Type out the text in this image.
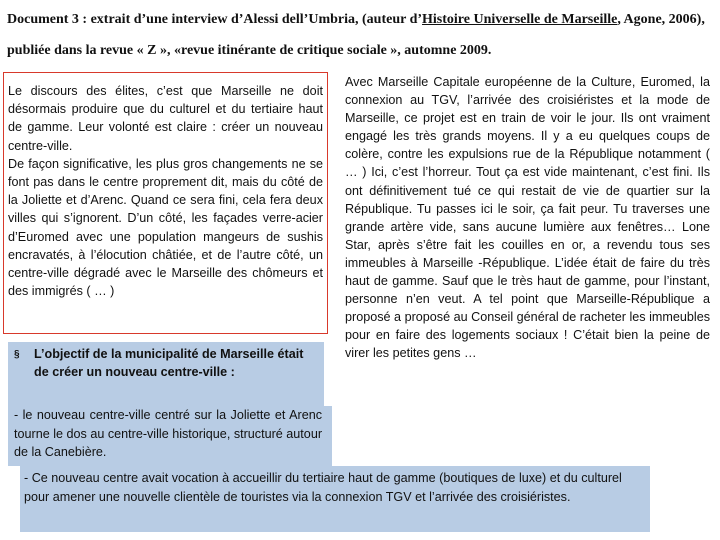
Document 3 : extrait d’une interview d’Alessi dell’Umbria, (auteur d’Histoire Universelle de Marseille, Agone, 2006), publiée dans la revue « Z », «revue itinérante de critique sociale », automne 2009.

Le discours des élites, c’est que Marseille ne doit désormais produire que du culturel et du tertiaire haut de gamme. Leur volonté est claire : créer un nouveau centre-ville.

De façon significative, les plus gros changements ne se font pas dans le centre proprement dit, mais du côté de la Joliette et d’Arenc. Quand ce sera fini, cela fera deux villes qui s’ignorent. D’un côté, les façades verre-acier d’Euromed avec une population mangeurs de sushis encravatés, à l’élocution châtiée, et de l’autre côté, un centre-ville dégradé avec le Marseille des chômeurs et des immigrés ( … )

Avec Marseille Capitale européenne de la Culture, Euromed, la connexion au TGV, l’arrivée des croisiéristes et la mode de Marseille, ce projet est en train de voir le jour. Ils ont vraiment engagé les très grands moyens. Il y a eu quelques coups de colère, contre les expulsions rue de la République notamment ( … ) Ici, c’est l’horreur. Tout ça est vide maintenant, c’est fini. Ils ont définitivement tué ce qui restait de vie de quartier sur la République. Tu passes ici le soir, ça fait peur. Tu traverses une grande artère vide, sans aucune lumière aux fenêtres… Lone Star, après s’être fait les couilles en or, a revendu tous ses immeubles à Marseille -République. L’idée était de faire du très haut de gamme. Sauf que le très haut de gamme, pour l’instant, personne n’en veut. A tel point que Marseille-République a proposé a proposé au Conseil général de racheter les immeubles pour en faire des logements sociaux ! C’était bien la peine de virer les petites gens …
§	L’objectif de la municipalité de Marseille était de créer un nouveau centre-ville :
- le nouveau centre-ville centré sur la Joliette et Arenc tourne le dos au centre-ville historique, structuré autour de la Canebière.
- Ce nouveau centre avait vocation à accueillir du tertiaire haut de gamme (boutiques de luxe) et du culturel pour amener une nouvelle clientèle de touristes via la connexion TGV et l’arrivée des croisiéristes.
